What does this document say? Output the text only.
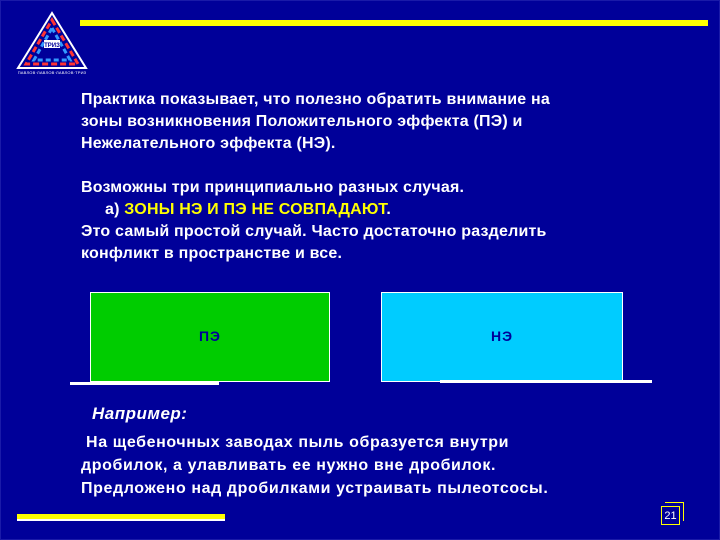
ТРИЗ
ПАВЛОВ·ЛАВЛОВ·ЛАВЛОВ·ТРИЗ
Практика показывает, что полезно обратить внимание на
зоны возникновения Положительного эффекта (ПЭ) и
Нежелательного эффекта (НЭ).
Возможны три принципиально разных случая.
а) ЗОНЫ НЭ И ПЭ НЕ СОВПАДАЮТ.
Это самый простой случай. Часто достаточно разделить
конфликт в пространстве и все.
ПЭ	НЭ
Например:
На щебеночных заводах пыль образуется внутри
дробилок, а улавливать ее нужно вне дробилок.
Предложено над дробилками устраивать пылеотсосы.
21
